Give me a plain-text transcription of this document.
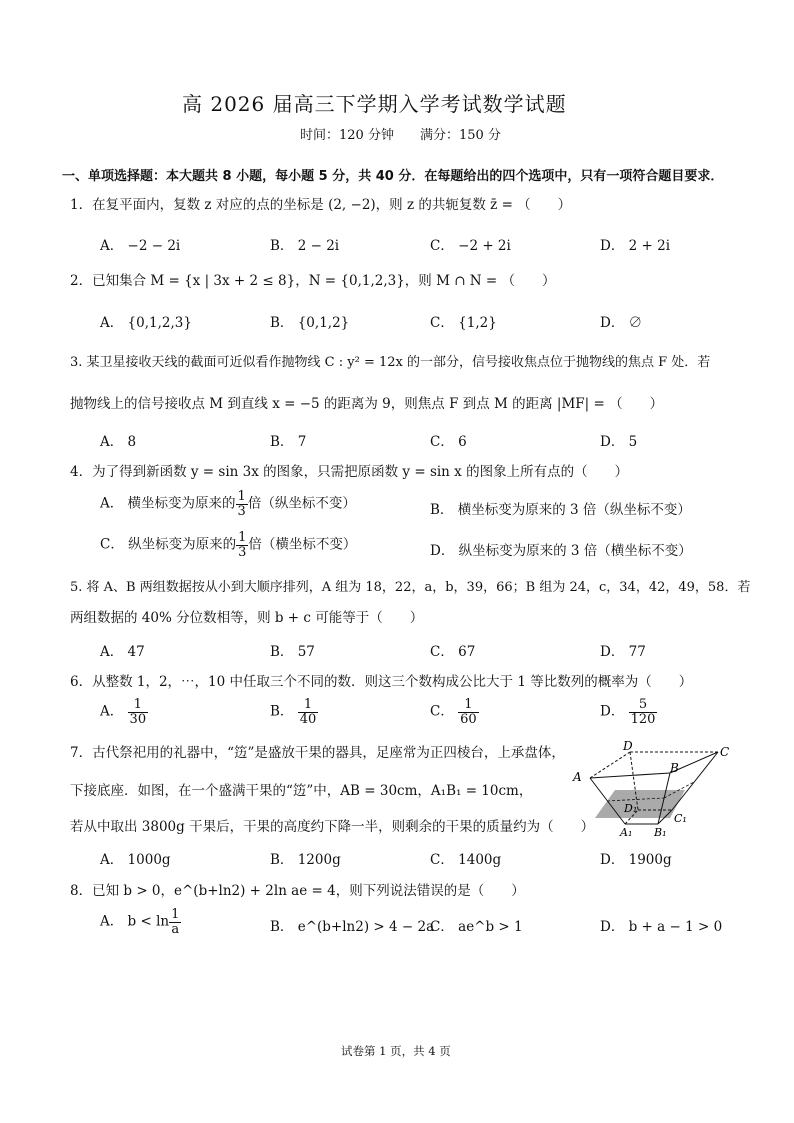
高 2026 届高三下学期入学考试数学试题
时间：120 分钟　　满分：150 分
一、单项选择题：本大题共 8 小题，每小题 5 分，共 40 分．在每题给出的四个选项中，只有一项符合题目要求．
1．在复平面内，复数 z 对应的点的坐标是 (2, −2)，则 z 的共轭复数 z̄ = （　　）
A． −2 − 2i	B． 2 − 2i	C． −2 + 2i	D． 2 + 2i
2．已知集合 M = {x | 3x + 2 ≤ 8}，N = {0,1,2,3}，则 M ∩ N = （　　）
A． {0,1,2,3}	B． {0,1,2}	C． {1,2}	D． ∅
3. 某卫星接收天线的截面可近似看作抛物线 C : y² = 12x 的一部分，信号接收焦点位于抛物线的焦点 F 处．若
抛物线上的信号接收点 M 到直线 x = −5 的距离为 9，则焦点 F 到点 M 的距离 |MF| = （　　）
A． 8	B． 7	C． 6	D． 5
4．为了得到新函数 y = sin 3x 的图象，只需把原函数 y = sin x 的图象上所有点的（　　）
A． 横坐标变为原来的 $\frac{1}{3}$ 倍（纵坐标不变）	B． 横坐标变为原来的 3 倍（纵坐标不变）
C． 纵坐标变为原来的 $\frac{1}{3}$ 倍（横坐标不变）	D． 纵坐标变为原来的 3 倍（横坐标不变）
5. 将 A、B 两组数据按从小到大顺序排列，A 组为 18，22，a，b，39，66；B 组为 24，c，34，42，49，58．若
两组数据的 40% 分位数相等，则 b + c 可能等于（　　）
A． 47	B． 57	C． 67	D． 77
6．从整数 1，2，⋯，10 中任取三个不同的数．则这三个数构成公比大于 1 等比数列的概率为（　　）
A． $\frac{1}{30}$	B． $\frac{1}{40}$	C． $\frac{1}{60}$	D． $\frac{5}{120}$
7．古代祭祀用的礼器中，“笾”是盛放干果的器具，足座常为正四棱台，上承盘体，
下接底座．如图，在一个盛满干果的“笾”中，AB = 30cm，A₁B₁ = 10cm，
若从中取出 3800g 干果后，干果的高度约下降一半，则剩余的干果的质量约为（　　）
A
B
C
D
A₁ B₁
C₁
D₁
A． 1000g	B． 1200g	C． 1400g	D． 1900g
8．已知 b > 0，e^(b+ln2) + 2ln ae = 4，则下列说法错误的是（　　）
A． $b < \ln \frac{1}{a}$	B． e^(b+ln2) > 4 − 2a
C． ae^b > 1	D． b + a − 1 > 0
试卷第 1 页，共 4 页
